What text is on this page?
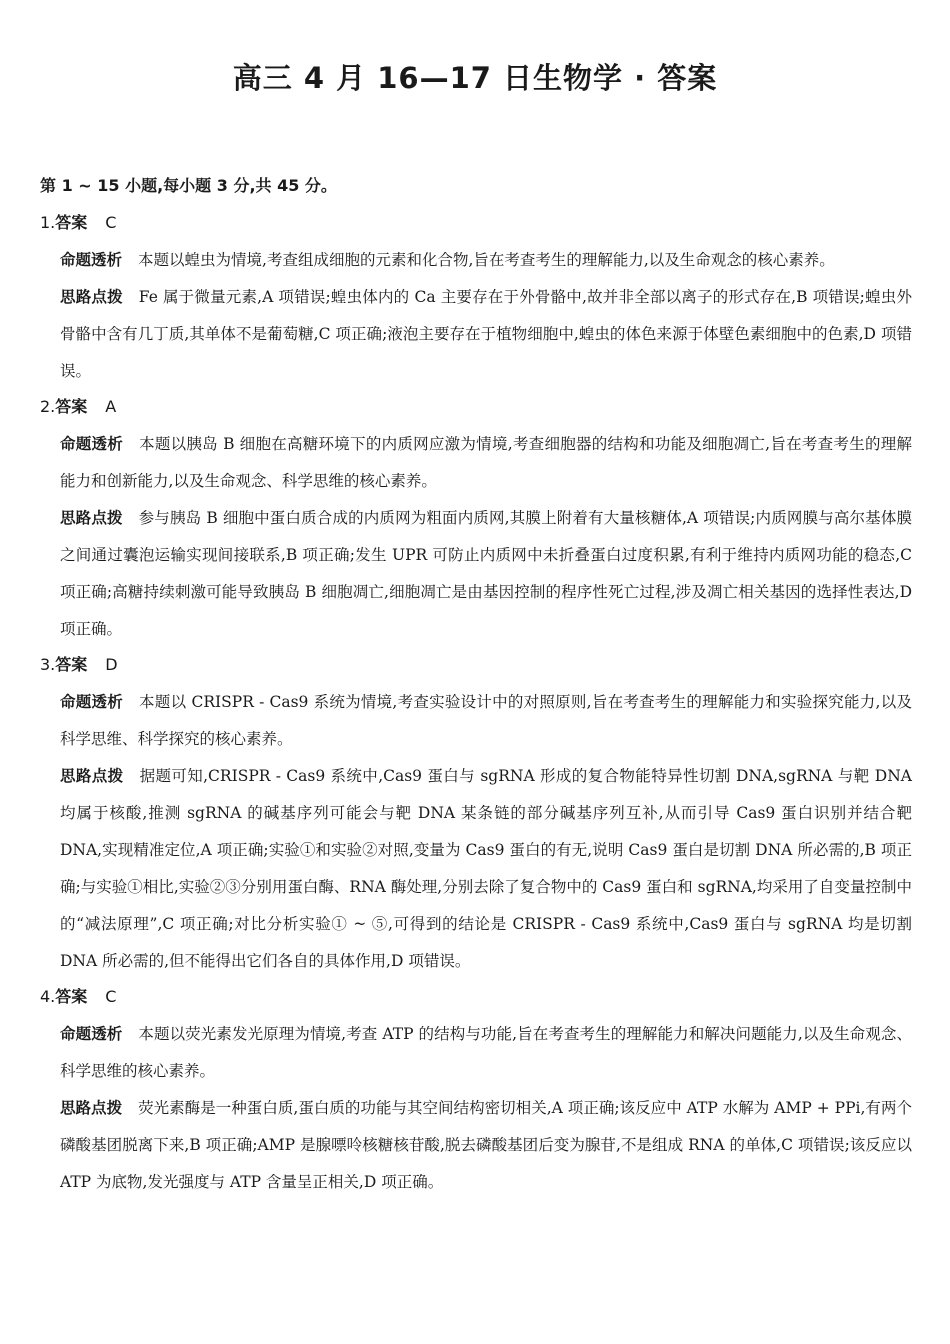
高三 4 月 16—17 日生物学 · 答案
第 1 ~ 15 小题,每小题 3 分,共 45 分。
1.答案 C
命题透析 本题以蝗虫为情境,考查组成细胞的元素和化合物,旨在考查考生的理解能力,以及生命观念的核心素养。
思路点拨 Fe 属于微量元素,A 项错误;蝗虫体内的 Ca 主要存在于外骨骼中,故并非全部以离子的形式存在,B 项错误;蝗虫外骨骼中含有几丁质,其单体不是葡萄糖,C 项正确;液泡主要存在于植物细胞中,蝗虫的体色来源于体壁色素细胞中的色素,D 项错误。
2.答案 A
命题透析 本题以胰岛 B 细胞在高糖环境下的内质网应激为情境,考查细胞器的结构和功能及细胞凋亡,旨在考查考生的理解能力和创新能力,以及生命观念、科学思维的核心素养。
思路点拨 参与胰岛 B 细胞中蛋白质合成的内质网为粗面内质网,其膜上附着有大量核糖体,A 项错误;内质网膜与高尔基体膜之间通过囊泡运输实现间接联系,B 项正确;发生 UPR 可防止内质网中未折叠蛋白过度积累,有利于维持内质网功能的稳态,C 项正确;高糖持续刺激可能导致胰岛 B 细胞凋亡,细胞凋亡是由基因控制的程序性死亡过程,涉及凋亡相关基因的选择性表达,D 项正确。
3.答案 D
命题透析 本题以 CRISPR - Cas9 系统为情境,考查实验设计中的对照原则,旨在考查考生的理解能力和实验探究能力,以及科学思维、科学探究的核心素养。
思路点拨 据题可知,CRISPR - Cas9 系统中,Cas9 蛋白与 sgRNA 形成的复合物能特异性切割 DNA,sgRNA 与靶 DNA 均属于核酸,推测 sgRNA 的碱基序列可能会与靶 DNA 某条链的部分碱基序列互补,从而引导 Cas9 蛋白识别并结合靶 DNA,实现精准定位,A 项正确;实验①和实验②对照,变量为 Cas9 蛋白的有无,说明 Cas9 蛋白是切割 DNA 所必需的,B 项正确;与实验①相比,实验②③分别用蛋白酶、RNA 酶处理,分别去除了复合物中的 Cas9 蛋白和 sgRNA,均采用了自变量控制中的“减法原理”,C 项正确;对比分析实验① ~ ⑤,可得到的结论是 CRISPR - Cas9 系统中,Cas9 蛋白与 sgRNA 均是切割 DNA 所必需的,但不能得出它们各自的具体作用,D 项错误。
4.答案 C
命题透析 本题以荧光素发光原理为情境,考查 ATP 的结构与功能,旨在考查考生的理解能力和解决问题能力,以及生命观念、科学思维的核心素养。
思路点拨 荧光素酶是一种蛋白质,蛋白质的功能与其空间结构密切相关,A 项正确;该反应中 ATP 水解为 AMP + PPi,有两个磷酸基团脱离下来,B 项正确;AMP 是腺嘌呤核糖核苷酸,脱去磷酸基团后变为腺苷,不是组成 RNA 的单体,C 项错误;该反应以 ATP 为底物,发光强度与 ATP 含量呈正相关,D 项正确。
